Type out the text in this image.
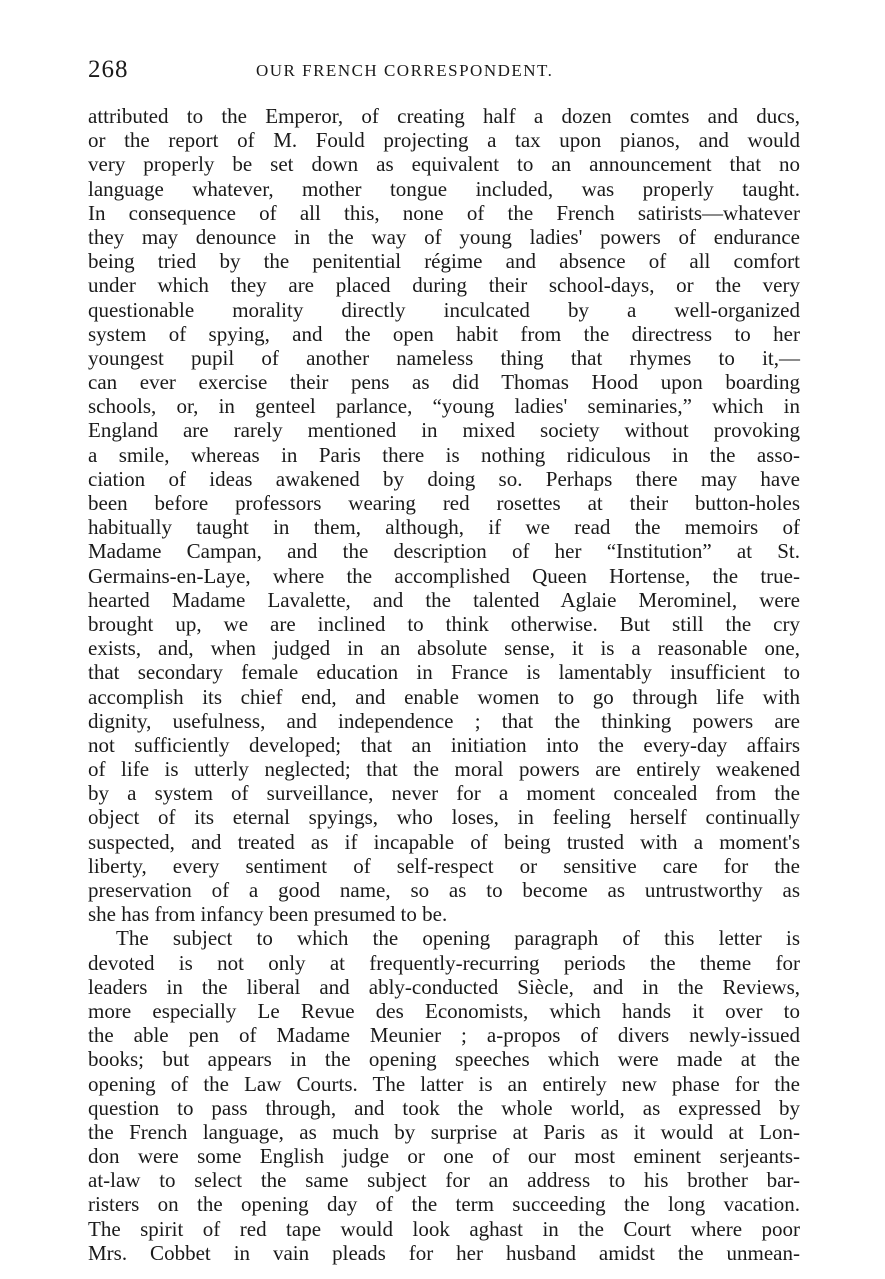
268	OUR FRENCH CORRESPONDENT.
attributed to the Emperor, of creating half a dozen comtes and ducs,
or the report of M. Fould projecting a tax upon pianos, and would
very properly be set down as equivalent to an announcement that no
language whatever, mother tongue included, was properly taught.
In consequence of all this, none of the French satirists—whatever
they may denounce in the way of young ladies' powers of endurance
being tried by the penitential régime and absence of all comfort
under which they are placed during their school-days, or the very
questionable morality directly inculcated by a well-organized
system of spying, and the open habit from the directress to her
youngest pupil of another nameless thing that rhymes to it,—
can ever exercise their pens as did Thomas Hood upon boarding
schools, or, in genteel parlance, “young ladies' seminaries,” which in
England are rarely mentioned in mixed society without provoking
a smile, whereas in Paris there is nothing ridiculous in the asso-
ciation of ideas awakened by doing so. Perhaps there may have
been before professors wearing red rosettes at their button-holes
habitually taught in them, although, if we read the memoirs of
Madame Campan, and the description of her “Institution” at St.
Germains-en-Laye, where the accomplished Queen Hortense, the true-
hearted Madame Lavalette, and the talented Aglaie Merominel, were
brought up, we are inclined to think otherwise. But still the cry
exists, and, when judged in an absolute sense, it is a reasonable one,
that secondary female education in France is lamentably insufficient to
accomplish its chief end, and enable women to go through life with
dignity, usefulness, and independence ; that the thinking powers are
not sufficiently developed; that an initiation into the every-day affairs
of life is utterly neglected; that the moral powers are entirely weakened
by a system of surveillance, never for a moment concealed from the
object of its eternal spyings, who loses, in feeling herself continually
suspected, and treated as if incapable of being trusted with a moment's
liberty, every sentiment of self-respect or sensitive care for the
preservation of a good name, so as to become as untrustworthy as
she has from infancy been presumed to be.
The subject to which the opening paragraph of this letter is
devoted is not only at frequently-recurring periods the theme for
leaders in the liberal and ably-conducted Siècle, and in the Reviews,
more especially Le Revue des Economists, which hands it over to
the able pen of Madame Meunier ; a-propos of divers newly-issued
books; but appears in the opening speeches which were made at the
opening of the Law Courts. The latter is an entirely new phase for the
question to pass through, and took the whole world, as expressed by
the French language, as much by surprise at Paris as it would at Lon-
don were some English judge or one of our most eminent serjeants-
at-law to select the same subject for an address to his brother bar-
risters on the opening day of the term succeeding the long vacation.
The spirit of red tape would look aghast in the Court where poor
Mrs. Cobbet in vain pleads for her husband amidst the unmean-
